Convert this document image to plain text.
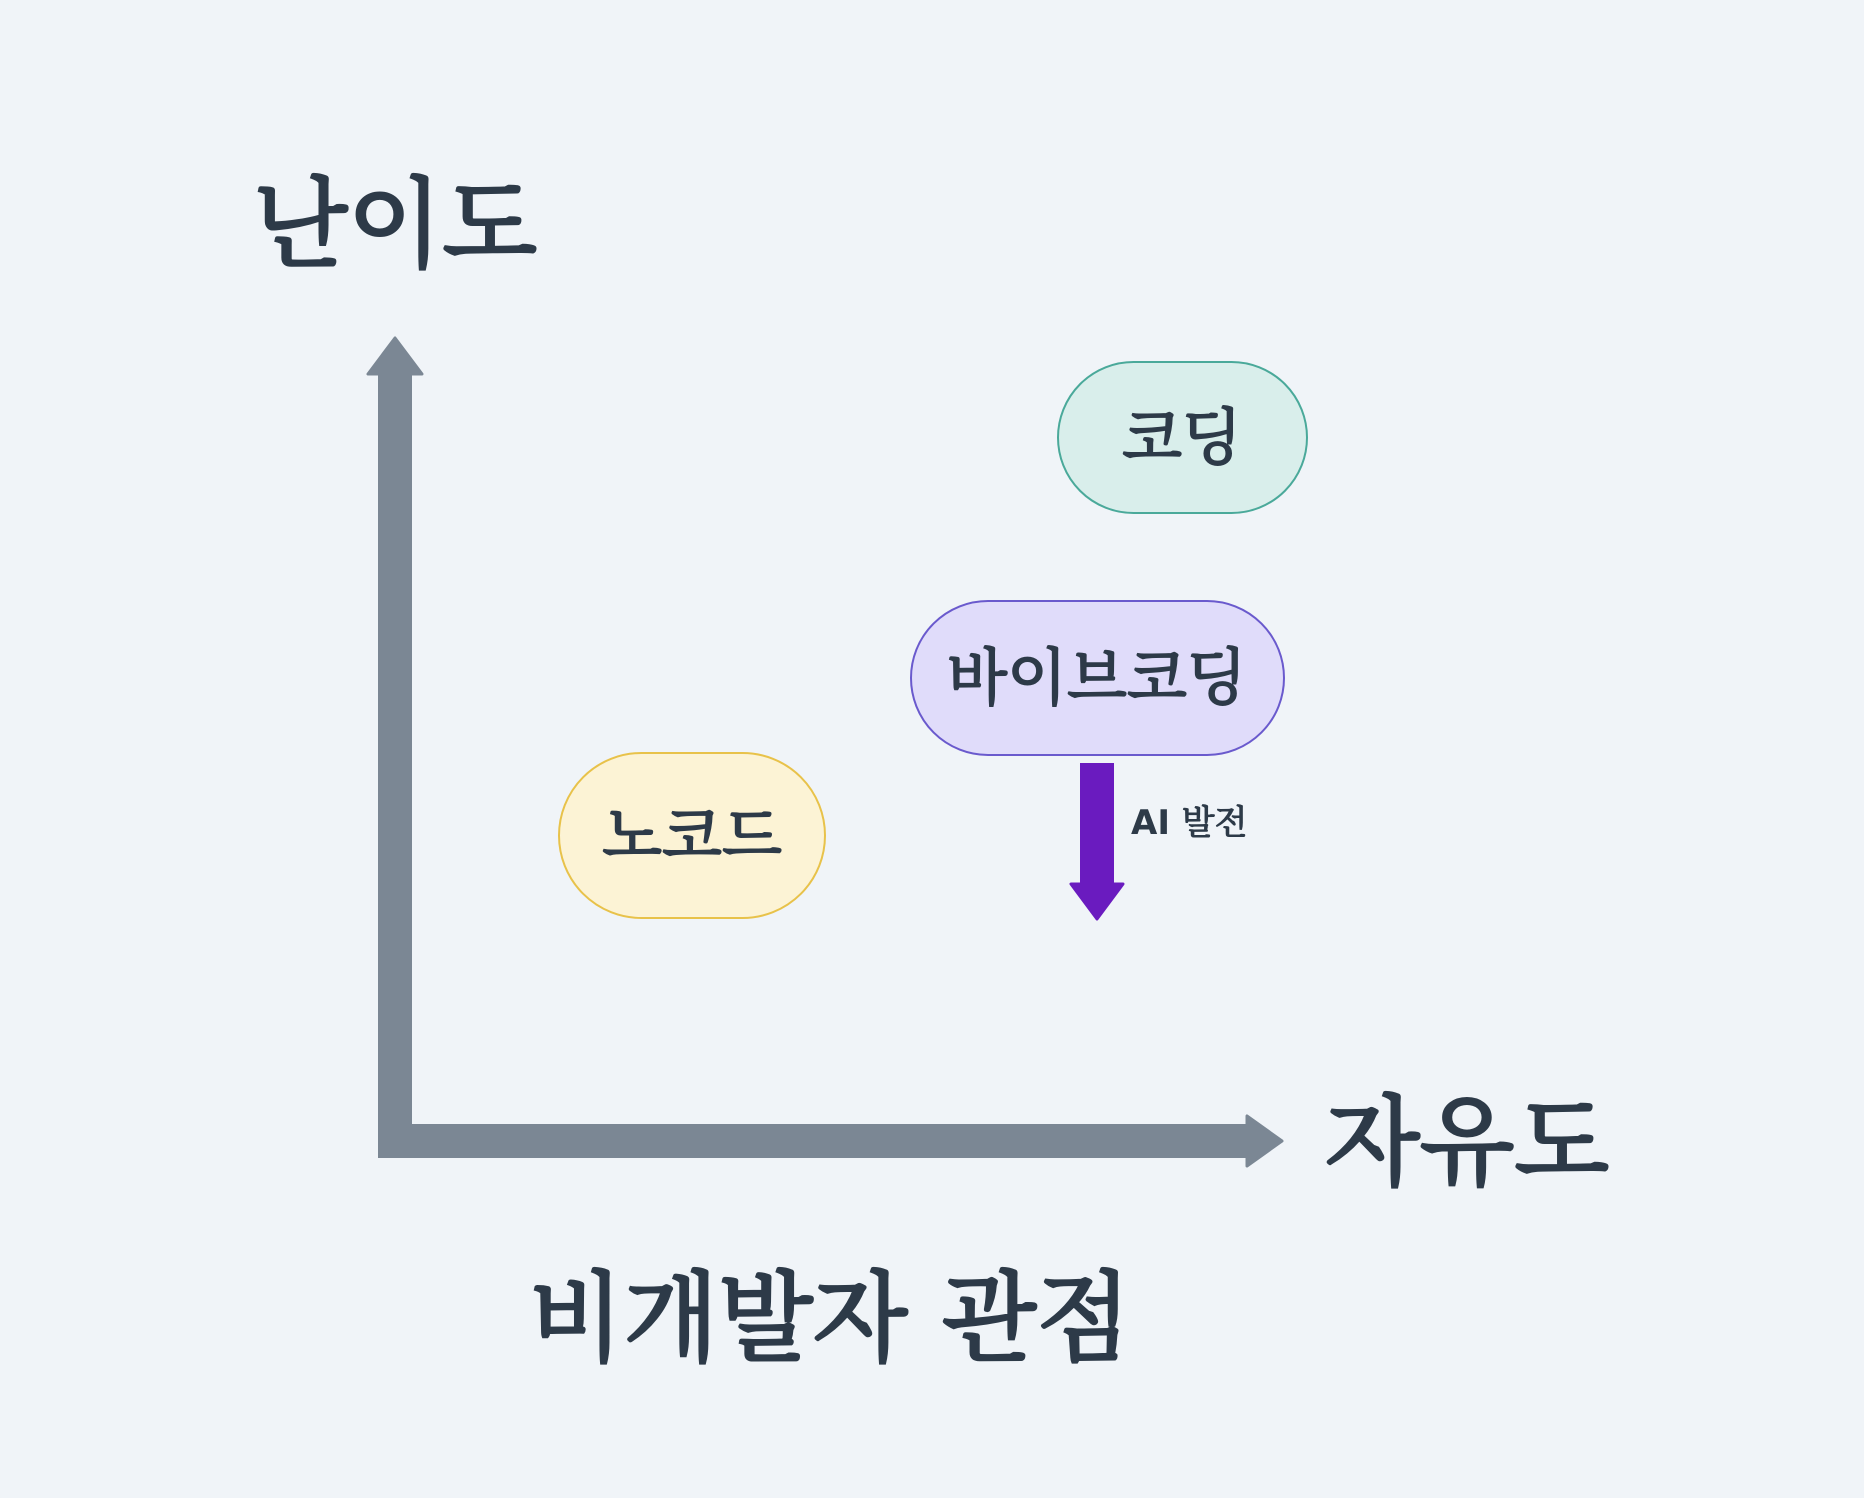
난이도
자유도
비개발자 관점
코딩
바이브코딩
노코드	AI 발전
